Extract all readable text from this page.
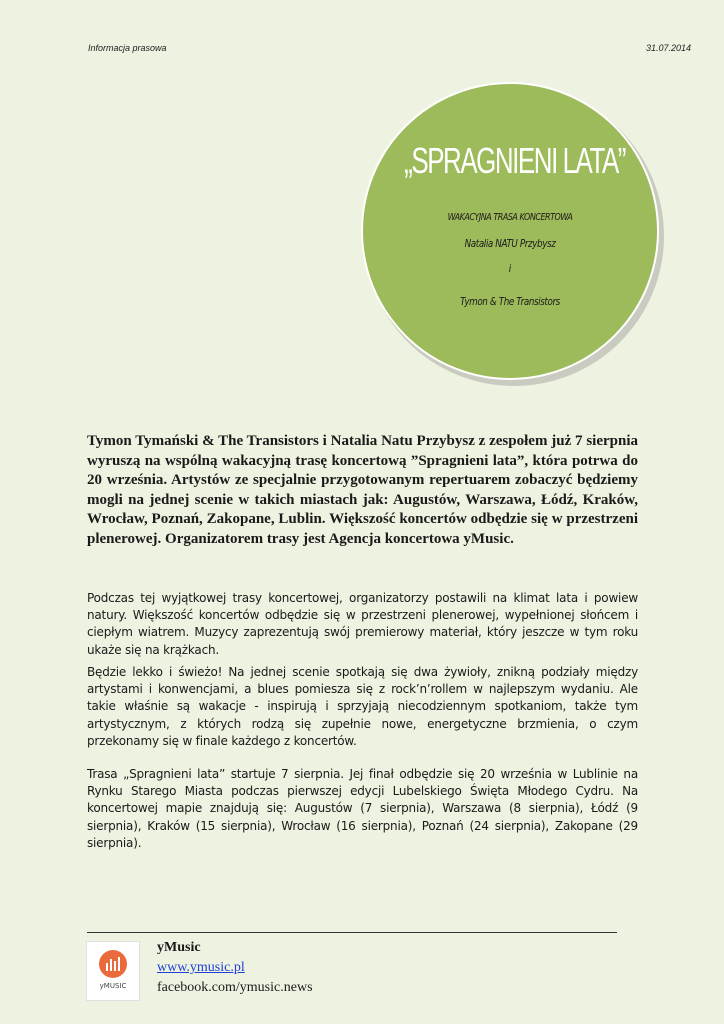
Informacja prasowa	31.07.2014
„SPRAGNIENI LATA”
WAKACYJNA TRASA KONCERTOWA
Natalia NATU Przybysz
i
Tymon & The Transistors

Tymon Tymański & The Transistors i Natalia Natu Przybysz z zespołem już 7 sierpnia wyruszą na wspólną wakacyjną trasę koncertową ”Spragnieni lata”, która potrwa do 20 września. Artystów ze specjalnie przygotowanym repertuarem zobaczyć będziemy mogli na jednej scenie w takich miastach jak: Augustów, Warszawa, Łódź, Kraków, Wrocław, Poznań, Zakopane, Lublin. Większość koncertów odbędzie się w przestrzeni plenerowej. Organizatorem trasy jest Agencja koncertowa yMusic.

Podczas tej wyjątkowej trasy koncertowej, organizatorzy postawili na klimat lata i powiew natury. Większość koncertów odbędzie się w przestrzeni plenerowej, wypełnionej słońcem i ciepłym wiatrem. Muzycy zaprezentują swój premierowy materiał, który jeszcze w tym roku ukaże się na krążkach.

Będzie lekko i świeżo! Na jednej scenie spotkają się dwa żywioły, znikną podziały między artystami i konwencjami, a blues pomiesza się z rock’n’rollem w najlepszym wydaniu. Ale takie właśnie są wakacje - inspirują i sprzyjają niecodziennym spotkaniom, także tym artystycznym, z których rodzą się zupełnie nowe, energetyczne brzmienia, o czym przekonamy się w finale każdego z koncertów.

Trasa „Spragnieni lata” startuje 7 sierpnia. Jej finał odbędzie się 20 września w Lublinie na Rynku Starego Miasta podczas pierwszej edycji Lubelskiego Święta Młodego Cydru. Na koncertowej mapie znajdują się: Augustów (7 sierpnia), Warszawa (8 sierpnia), Łódź (9 sierpnia), Kraków (15 sierpnia), Wrocław (16 sierpnia), Poznań (24 sierpnia), Zakopane (29 sierpnia).

yMUSIC
yMusic
www.ymusic.pl
facebook.com/ymusic.news
